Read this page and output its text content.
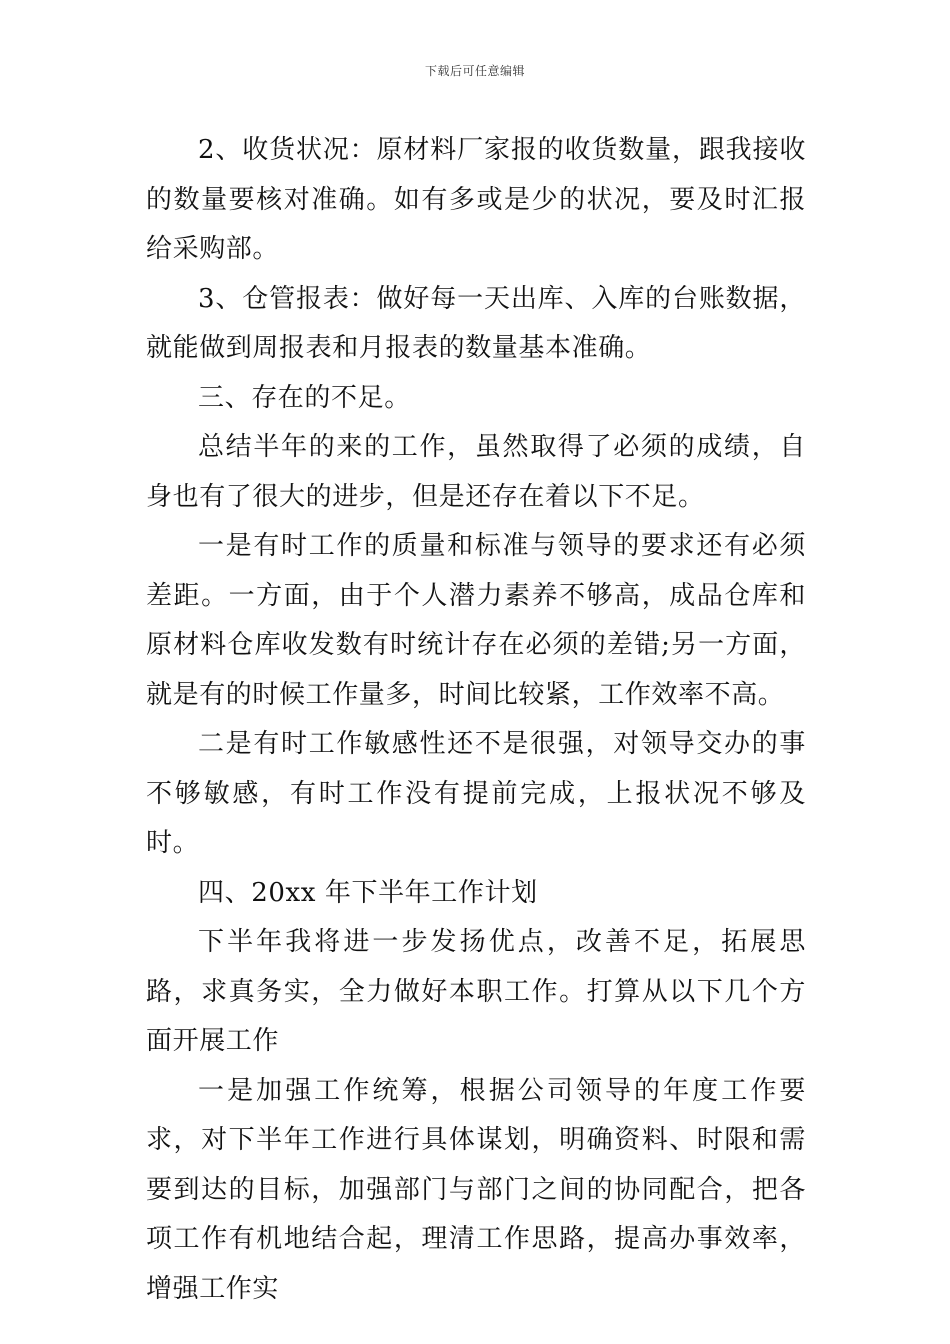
下载后可任意编辑

2、收货状况：原材料厂家报的收货数量，跟我接收的数量要核对准确。如有多或是少的状况，要及时汇报给采购部。

3、仓管报表：做好每一天出库、入库的台账数据，就能做到周报表和月报表的数量基本准确。

三、存在的不足。

总结半年的来的工作，虽然取得了必须的成绩，自身也有了很大的进步，但是还存在着以下不足。

一是有时工作的质量和标准与领导的要求还有必须差距。一方面，由于个人潜力素养不够高，成品仓库和原材料仓库收发数有时统计存在必须的差错;另一方面，就是有的时候工作量多，时间比较紧，工作效率不高。

二是有时工作敏感性还不是很强，对领导交办的事不够敏感，有时工作没有提前完成，上报状况不够及时。

四、20xx 年下半年工作计划

下半年我将进一步发扬优点，改善不足，拓展思路，求真务实，全力做好本职工作。打算从以下几个方面开展工作

一是加强工作统筹，根据公司领导的年度工作要求，对下半年工作进行具体谋划，明确资料、时限和需要到达的目标，加强部门与部门之间的协同配合，把各项工作有机地结合起，理清工作思路，提高办事效率，增强工作实
